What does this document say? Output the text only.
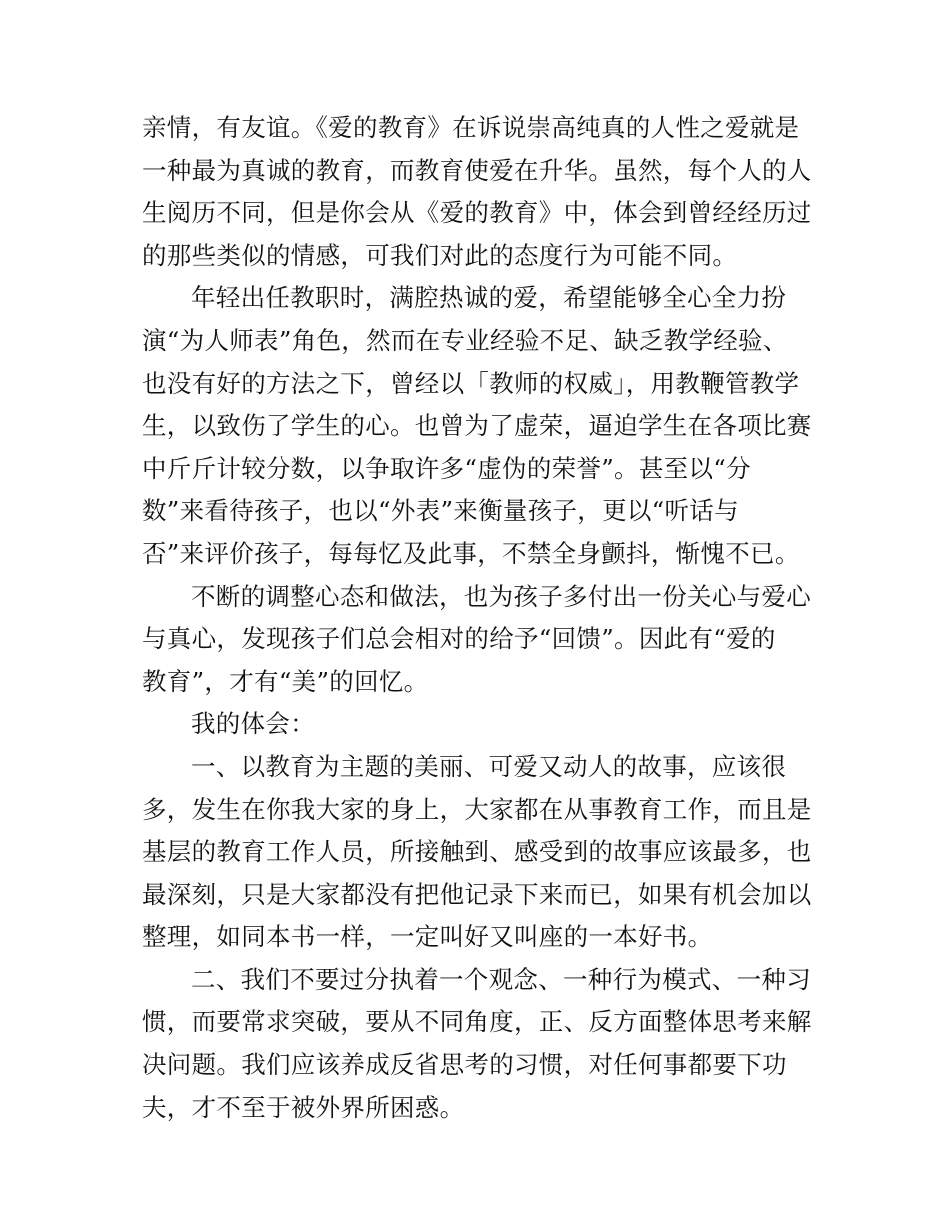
亲情，有友谊。《爱的教育》在诉说崇高纯真的人性之爱就是
一种最为真诚的教育，而教育使爱在升华。虽然，每个人的人
生阅历不同，但是你会从《爱的教育》中，体会到曾经经历过
的那些类似的情感，可我们对此的态度行为可能不同。
年轻出任教职时，满腔热诚的爱，希望能够全心全力扮
演“为人师表”角色，然而在专业经验不足、缺乏教学经验、
也没有好的方法之下，曾经以「教师的权威」，用教鞭管教学
生，以致伤了学生的心。也曾为了虚荣，逼迫学生在各项比赛
中斤斤计较分数，以争取许多“虚伪的荣誉”。甚至以“分
数”来看待孩子，也以“外表”来衡量孩子，更以“听话与
否”来评价孩子，每每忆及此事，不禁全身颤抖，惭愧不已。
不断的调整心态和做法，也为孩子多付出一份关心与爱心
与真心，发现孩子们总会相对的给予“回馈”。因此有“爱的
教育”，才有“美”的回忆。
我的体会：
一、以教育为主题的美丽、可爱又动人的故事，应该很
多，发生在你我大家的身上，大家都在从事教育工作，而且是
基层的教育工作人员，所接触到、感受到的故事应该最多，也
最深刻，只是大家都没有把他记录下来而已，如果有机会加以
整理，如同本书一样，一定叫好又叫座的一本好书。
二、我们不要过分执着一个观念、一种行为模式、一种习
惯，而要常求突破，要从不同角度，正、反方面整体思考来解
决问题。我们应该养成反省思考的习惯，对任何事都要下功
夫，才不至于被外界所困惑。
